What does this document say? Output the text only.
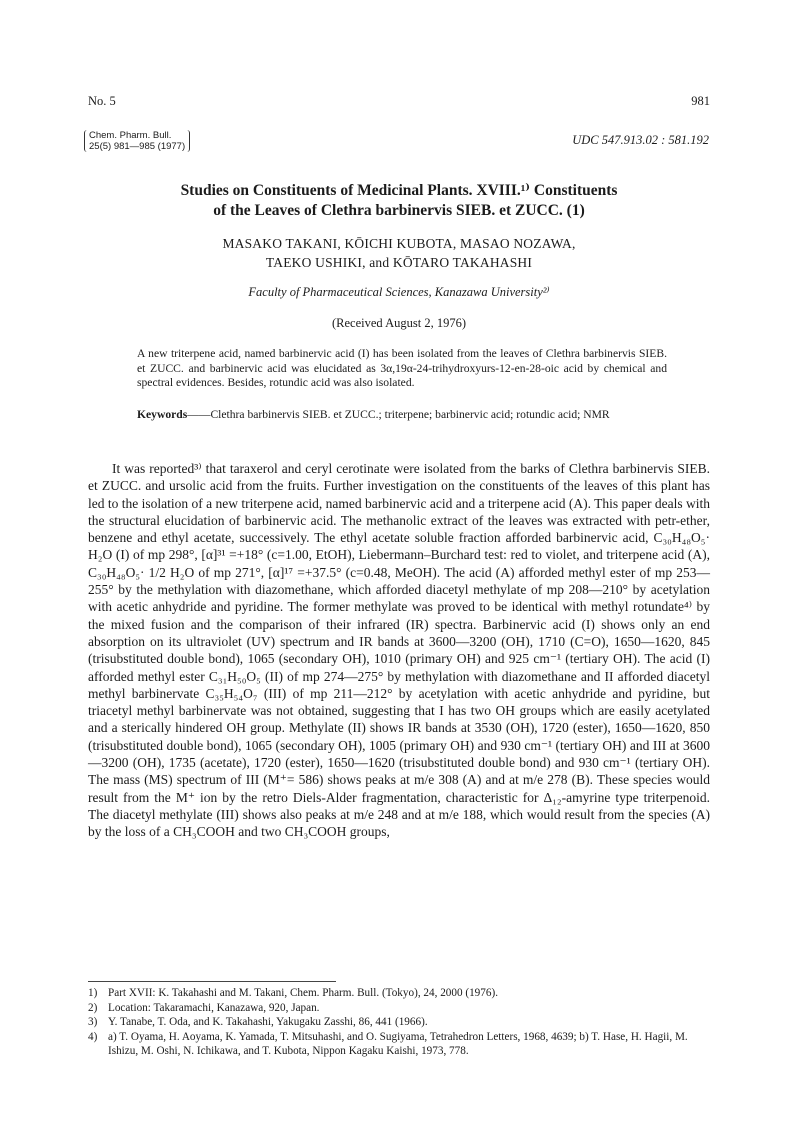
No. 5	981
Chem. Pharm. Bull.
25(5) 981—985 (1977)	UDC 547.913.02 : 581.192
Studies on Constituents of Medicinal Plants. XVIII.¹⁾ Constituents
of the Leaves of Clethra barbinervis SIEB. et ZUCC. (1)
MASAKO TAKANI, KŌICHI KUBOTA, MASAO NOZAWA,
TAEKO USHIKI, and KŌTARO TAKAHASHI
Faculty of Pharmaceutical Sciences, Kanazawa University²⁾
(Received August 2, 1976)
A new triterpene acid, named barbinervic acid (I) has been isolated from the leaves of Clethra barbinervis SIEB. et ZUCC. and barbinervic acid was elucidated as 3α,19α-24-trihydroxyurs-12-en-28-oic acid by chemical and spectral evidences. Besides, rotundic acid was also isolated.
Keywords——Clethra barbinervis SIEB. et ZUCC.; triterpene; barbinervic acid; rotundic acid; NMR

It was reported³⁾ that taraxerol and ceryl cerotinate were isolated from the barks of Clethra barbinervis SIEB. et ZUCC. and ursolic acid from the fruits. Further investigation on the constituents of the leaves of this plant has led to the isolation of a new triterpene acid, named barbinervic acid and a triterpene acid (A). This paper deals with the structural elucidation of barbinervic acid. The methanolic extract of the leaves was extracted with petr-ether, benzene and ethyl acetate, successively. The ethyl acetate soluble fraction afforded barbinervic acid, C₃₀H₄₈O₅· H₂O (I) of mp 298°, [α]³¹ =+18° (c=1.00, EtOH), Liebermann–Burchard test: red to violet, and triterpene acid (A), C₃₀H₄₈O₅· 1/2 H₂O of mp 271°, [α]¹⁷ =+37.5° (c=0.48, MeOH). The acid (A) afforded methyl ester of mp 253—255° by the methylation with diazomethane, which afforded diacetyl methylate of mp 208—210° by acetylation with acetic anhydride and pyridine. The former methylate was proved to be identical with methyl rotundate⁴⁾ by the mixed fusion and the comparison of their infrared (IR) spectra. Barbinervic acid (I) shows only an end absorption on its ultraviolet (UV) spectrum and IR bands at 3600—3200 (OH), 1710 (C=O), 1650—1620, 845 (trisubstituted double bond), 1065 (secondary OH), 1010 (primary OH) and 925 cm⁻¹ (tertiary OH). The acid (I) afforded methyl ester C₃₁H₅₀O₅ (II) of mp 274—275° by methylation with diazomethane and II afforded diacetyl methyl barbinervate C₃₅H₅₄O₇ (III) of mp 211—212° by acetylation with acetic anhydride and pyridine, but triacetyl methyl barbinervate was not obtained, suggesting that I has two OH groups which are easily acetylated and a sterically hindered OH group. Methylate (II) shows IR bands at 3530 (OH), 1720 (ester), 1650—1620, 850 (trisubstituted double bond), 1065 (secondary OH), 1005 (primary OH) and 930 cm⁻¹ (tertiary OH) and III at 3600—3200 (OH), 1735 (acetate), 1720 (ester), 1650—1620 (trisubstituted double bond) and 930 cm⁻¹ (tertiary OH). The mass (MS) spectrum of III (M⁺= 586) shows peaks at m/e 308 (A) and at m/e 278 (B). These species would result from the M⁺ ion by the retro Diels-Alder fragmentation, characteristic for Δ₁₂-amyrine type triterpenoid. The diacetyl methylate (III) shows also peaks at m/e 248 and at m/e 188, which would result from the species (A) by the loss of a CH₃COOH and two CH₃COOH groups,

1) Part XVII: K. Takahashi and M. Takani, Chem. Pharm. Bull. (Tokyo), 24, 2000 (1976).
2) Location: Takaramachi, Kanazawa, 920, Japan.
3) Y. Tanabe, T. Oda, and K. Takahashi, Yakugaku Zasshi, 86, 441 (1966).
4) a) T. Oyama, H. Aoyama, K. Yamada, T. Mitsuhashi, and O. Sugiyama, Tetrahedron Letters, 1968, 4639; b) T. Hase, H. Hagii, M. Ishizu, M. Oshi, N. Ichikawa, and T. Kubota, Nippon Kagaku Kaishi, 1973, 778.
